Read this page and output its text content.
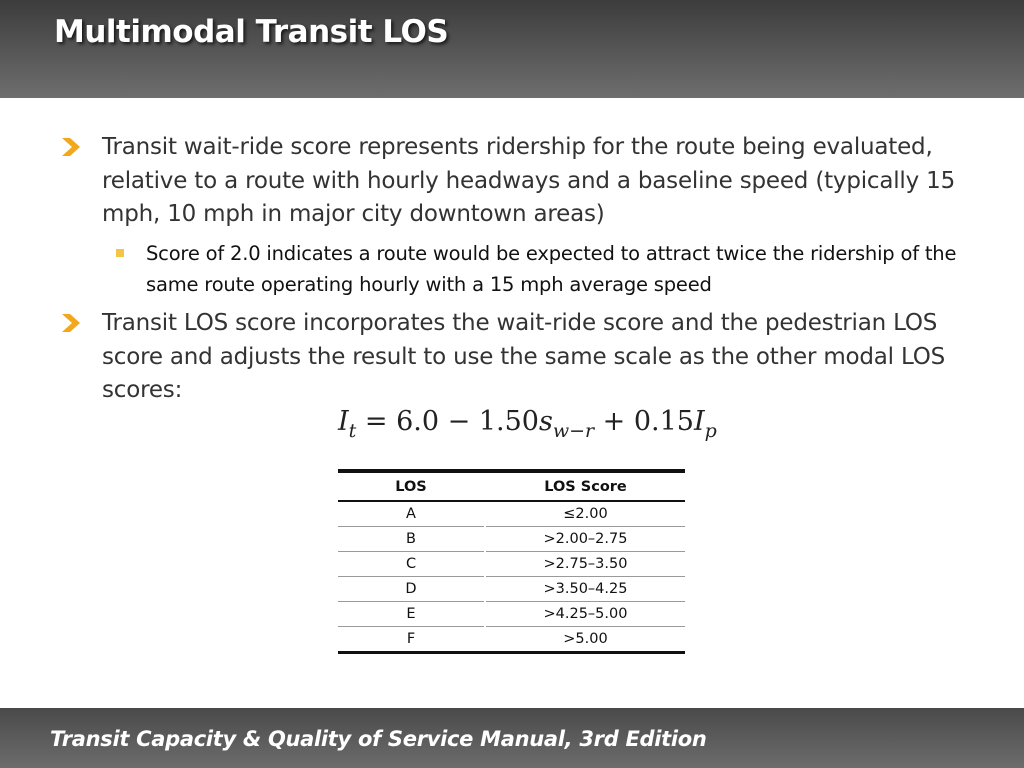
Multimodal Transit LOS
Transit wait-ride score represents ridership for the route being evaluated, relative to a route with hourly headways and a baseline speed (typically 15 mph, 10 mph in major city downtown areas)
Score of 2.0 indicates a route would be expected to attract twice the ridership of the same route operating hourly with a 15 mph average speed
Transit LOS score incorporates the wait-ride score and the pedestrian LOS score and adjusts the result to use the same scale as the other modal LOS scores:
$I_t = 6.0 - 1.50s_{w-r} + 0.15I_p$
LOS	LOS Score
A	≤2.00
B	>2.00–2.75
C	>2.75–3.50
D	>3.50–4.25
E	>4.25–5.00
F	>5.00
Transit Capacity & Quality of Service Manual, 3rd Edition
